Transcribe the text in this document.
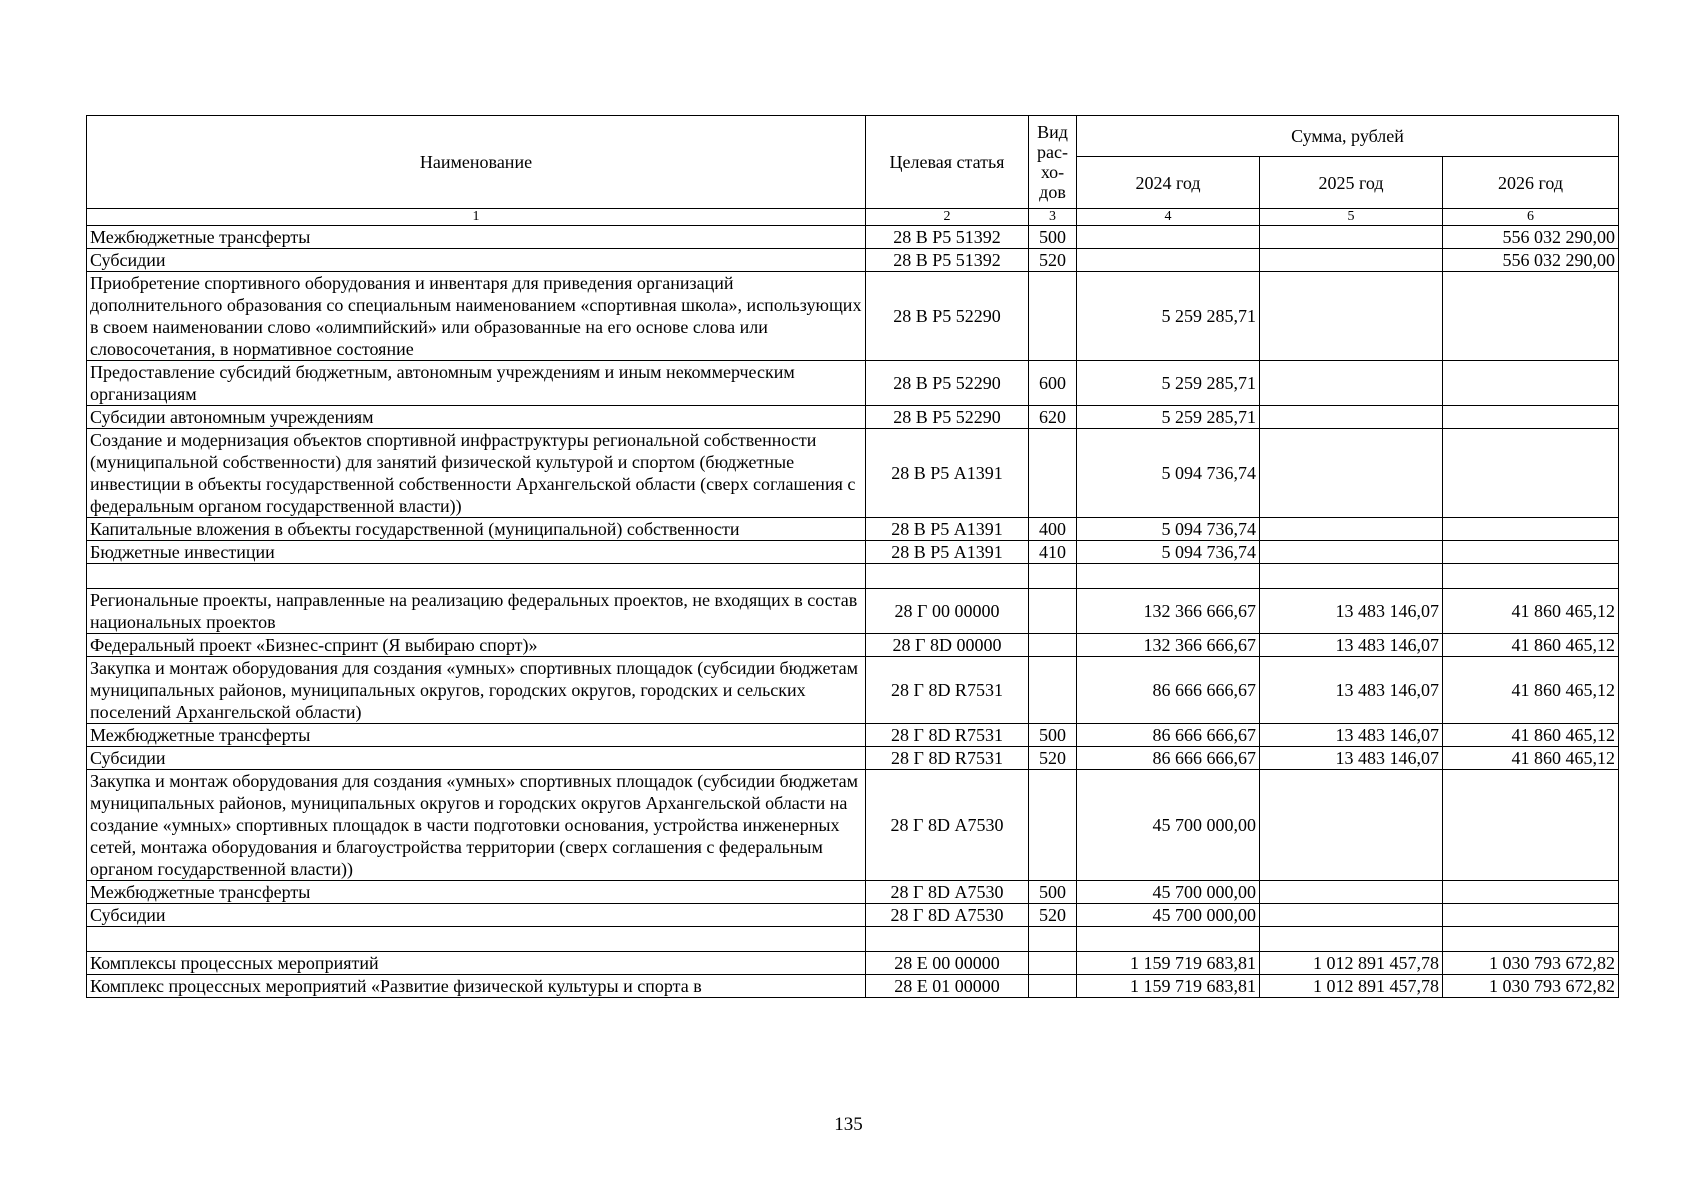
Наименование	Целевая статья	Вид
рас-
хо-
дов	Сумма, рублей		
			2024 год	2025 год	2026 год
1	2	3	4	5	6
Межбюджетные трансферты	28 В Р5 51392	500			556 032 290,00
Субсидии	28 В Р5 51392	520			556 032 290,00
Приобретение спортивного оборудования и инвентаря для приведения организаций дополнительного образования со специальным наименованием «спортивная школа», использующих в своем наименовании слово «олимпийский» или образованные на его основе слова или словосочетания, в нормативное состояние	28 В Р5 52290		5 259 285,71		
Предоставление субсидий бюджетным, автономным учреждениям и иным некоммерческим организациям	28 В Р5 52290	600	5 259 285,71		
Субсидии автономным учреждениям	28 В Р5 52290	620	5 259 285,71		
Создание и модернизация объектов спортивной инфраструктуры региональной собственности (муниципальной собственности) для занятий физической культурой и спортом (бюджетные инвестиции в объекты государственной собственности Архангельской области (сверх соглашения с федеральным органом государственной власти))	28 В Р5 А1391		5 094 736,74		
Капитальные вложения в объекты государственной (муниципальной) собственности	28 В Р5 А1391	400	5 094 736,74		
Бюджетные инвестиции	28 В Р5 А1391	410	5 094 736,74		

Региональные проекты, направленные на реализацию федеральных проектов, не входящих в состав национальных проектов	28 Г 00 00000		132 366 666,67	13 483 146,07	41 860 465,12
Федеральный проект «Бизнес-спринт (Я выбираю спорт)»	28 Г 8D 00000		132 366 666,67	13 483 146,07	41 860 465,12
Закупка и монтаж оборудования для создания «умных» спортивных площадок (субсидии бюджетам муниципальных районов, муниципальных округов, городских округов, городских и сельских поселений Архангельской области)	28 Г 8D R7531		86 666 666,67	13 483 146,07	41 860 465,12
Межбюджетные трансферты	28 Г 8D R7531	500	86 666 666,67	13 483 146,07	41 860 465,12
Субсидии	28 Г 8D R7531	520	86 666 666,67	13 483 146,07	41 860 465,12
Закупка и монтаж оборудования для создания «умных» спортивных площадок (субсидии бюджетам муниципальных районов, муниципальных округов и городских округов Архангельской области на создание «умных» спортивных площадок в части подготовки основания, устройства инженерных сетей, монтажа оборудования и благоустройства территории (сверх соглашения с федеральным органом государственной власти))	28 Г 8D А7530		45 700 000,00		
Межбюджетные трансферты	28 Г 8D А7530	500	45 700 000,00		
Субсидии	28 Г 8D А7530	520	45 700 000,00		

Комплексы процессных мероприятий	28 Е 00 00000		1 159 719 683,81	1 012 891 457,78	1 030 793 672,82
Комплекс процессных мероприятий «Развитие физической культуры и спорта в	28 Е 01 00000		1 159 719 683,81	1 012 891 457,78	1 030 793 672,82
135
